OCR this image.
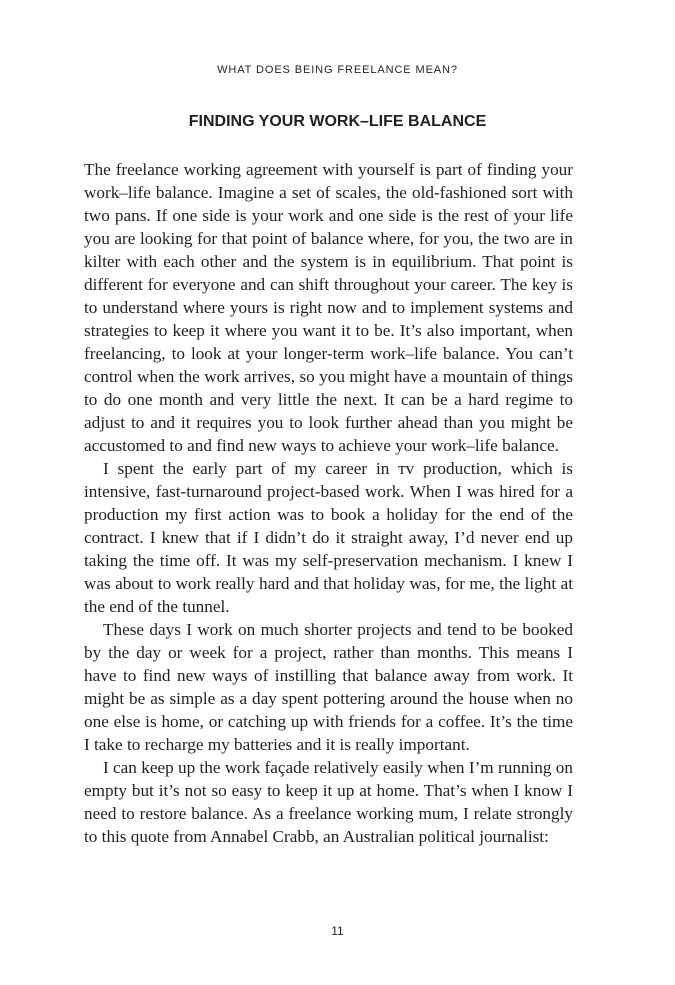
WHAT DOES BEING FREELANCE MEAN?
FINDING YOUR WORK–LIFE BALANCE

The freelance working agreement with yourself is part of finding your work–life balance. Imagine a set of scales, the old-fashioned sort with two pans. If one side is your work and one side is the rest of your life you are looking for that point of balance where, for you, the two are in kilter with each other and the system is in equilibrium. That point is different for everyone and can shift throughout your career. The key is to understand where yours is right now and to implement systems and strategies to keep it where you want it to be. It’s also important, when freelancing, to look at your longer-term work–life balance. You can’t control when the work arrives, so you might have a mountain of things to do one month and very little the next. It can be a hard regime to adjust to and it requires you to look further ahead than you might be accustomed to and find new ways to achieve your work–life balance.

I spent the early part of my career in ᴛᴠ production, which is intensive, fast-turnaround project-based work. When I was hired for a production my first action was to book a holiday for the end of the contract. I knew that if I didn’t do it straight away, I’d never end up taking the time off. It was my self-preservation mechanism. I knew I was about to work really hard and that holiday was, for me, the light at the end of the tunnel.

These days I work on much shorter projects and tend to be booked by the day or week for a project, rather than months. This means I have to find new ways of instilling that balance away from work. It might be as simple as a day spent pottering around the house when no one else is home, or catching up with friends for a coffee. It’s the time I take to recharge my batteries and it is really important.

I can keep up the work façade relatively easily when I’m running on empty but it’s not so easy to keep it up at home. That’s when I know I need to restore balance. As a freelance working mum, I relate strongly to this quote from Annabel Crabb, an Australian political journalist:

11
